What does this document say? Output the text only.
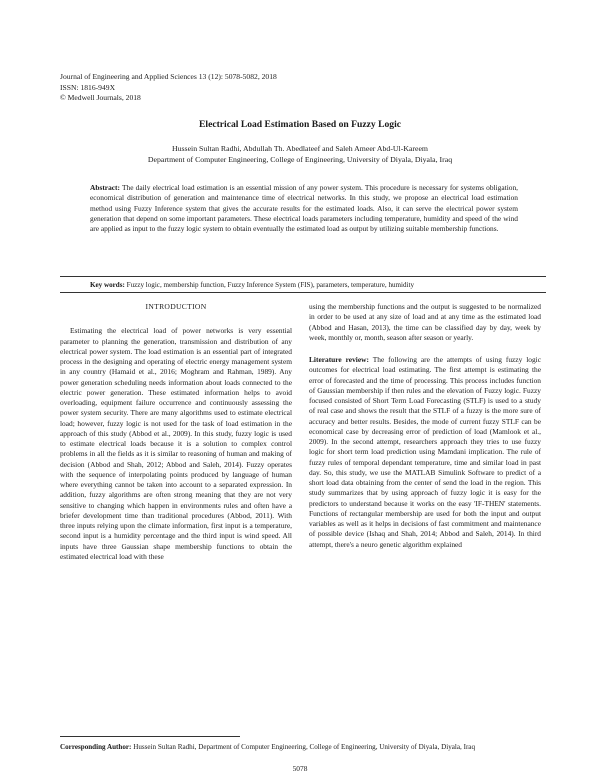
Journal of Engineering and Applied Sciences 13 (12): 5078-5082, 2018
ISSN: 1816-949X
© Medwell Journals, 2018
Electrical Load Estimation Based on Fuzzy Logic
Hussein Sultan Radhi, Abdullah Th. Abedlateef and Saleh Ameer Abd-Ul-Kareem
Department of Computer Engineering, College of Engineering, University of Diyala, Diyala, Iraq
Abstract: The daily electrical load estimation is an essential mission of any power system. This procedure is necessary for systems obligation, economical distribution of generation and maintenance time of electrical networks. In this study, we propose an electrical load estimation method using Fuzzy Inference system that gives the accurate results for the estimated loads. Also, it can serve the electrical power system generation that depend on some important parameters. These electrical loads parameters including temperature, humidity and speed of the wind are applied as input to the fuzzy logic system to obtain eventually the estimated load as output by utilizing suitable membership functions.
Key words: Fuzzy logic, membership function, Fuzzy Inference System (FIS), parameters, temperature, humidity
INTRODUCTION

Estimating the electrical load of power networks is very essential parameter to planning the generation, transmission and distribution of any electrical power system. The load estimation is an essential part of integrated process in the designing and operating of electric energy management system in any country (Hamaid et al., 2016; Moghram and Rahman, 1989). Any power generation scheduling needs information about loads connected to the electric power generation. These estimated information helps to avoid overloading, equipment failure occurrence and continuously assessing the power system security. There are many algorithms used to estimate electrical load; however, fuzzy logic is not used for the task of load estimation in the approach of this study (Abbod et al., 2009). In this study, fuzzy logic is used to estimate electrical loads because it is a solution to complex control problems in all the fields as it is similar to reasoning of human and making of decision (Abbod and Shah, 2012; Abbod and Saleh, 2014). Fuzzy operates with the sequence of interpolating points produced by language of human where everything cannot be taken into account to a separated expression. In addition, fuzzy algorithms are often strong meaning that they are not very sensitive to changing which happen in environments rules and often have a briefer development time than traditional procedures (Abbod, 2011). With three inputs relying upon the climate information, first input is a temperature, second input is a humidity percentage and the third input is wind speed. All inputs have three Gaussian shape membership functions to obtain the estimated electrical load with these

using the membership functions and the output is suggested to be normalized in order to be used at any size of load and at any time as the estimated load (Abbod and Hasan, 2013), the time can be classified day by day, week by week, monthly or, month, season after season or yearly.

Literature review: The following are the attempts of using fuzzy logic outcomes for electrical load estimating. The first attempt is estimating the error of forecasted and the time of processing. This process includes function of Gaussian membership if then rules and the elevation of Fuzzy logic. Fuzzy focused consisted of Short Term Load Forecasting (STLF) is used to a study of real case and shows the result that the STLF of a fuzzy is the more sure of accuracy and better results. Besides, the mode of current fuzzy STLF can be economical case by decreasing error of prediction of load (Mamlook et al., 2009). In the second attempt, researchers approach they tries to use fuzzy logic for short term load prediction using Mamdani implication. The rule of fuzzy rules of temporal dependant temperature, time and similar load in past day. So, this study, we use the MATLAB Simulink Software to predict of a short load data obtaining from the center of send the load in the region. This study summarizes that by using approach of fuzzy logic it is easy for the predictors to understand because it works on the easy 'IF-THEN' statements. Functions of rectangular membership are used for both the input and output variables as well as it helps in decisions of fast commitment and maintenance of possible device (Ishaq and Shah, 2014; Abbod and Saleh, 2014). In third attempt, there's a neuro genetic algorithm explained

Corresponding Author: Hussein Sultan Radhi, Department of Computer Engineering, College of Engineering, University of Diyala, Diyala, Iraq
5078
